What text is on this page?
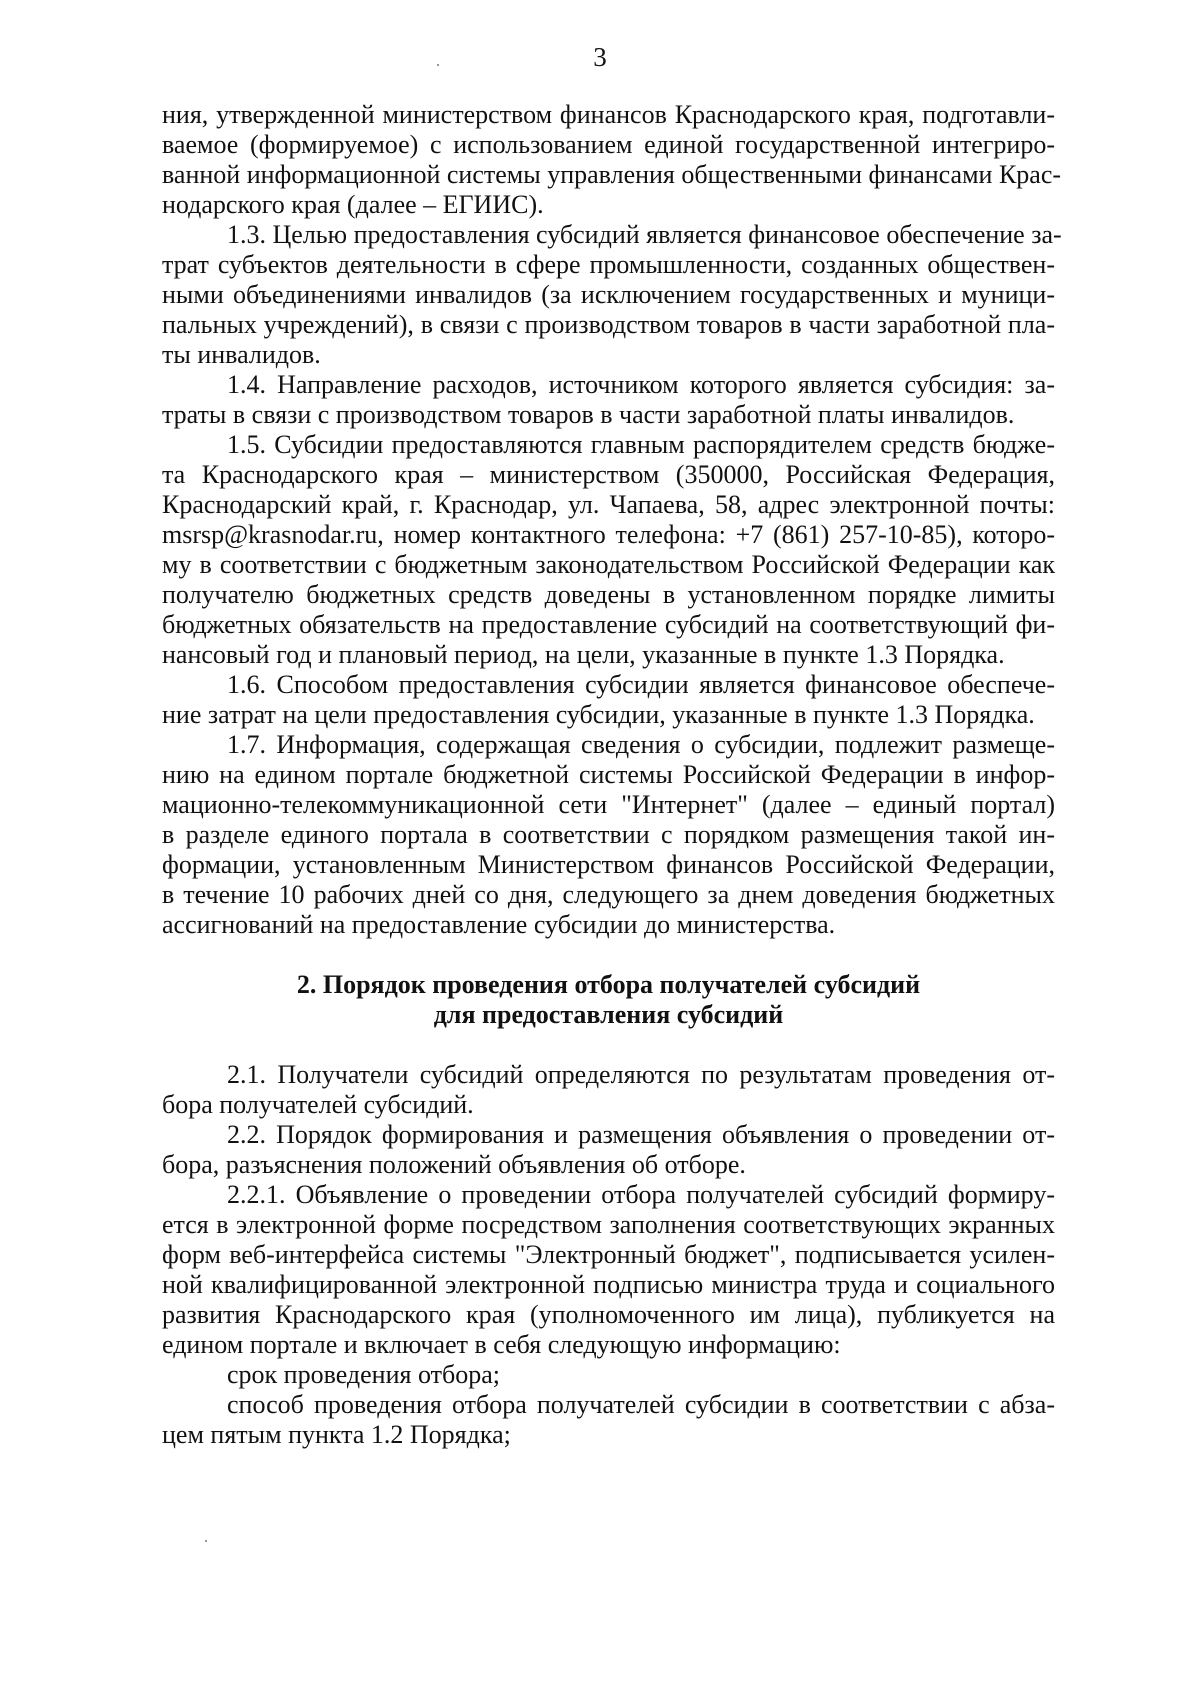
3
ния, утвержденной министерством финансов Краснодарского края, подготавли-
ваемое (формируемое) с использованием единой государственной интегриро-
ванной информационной системы управления общественными финансами Крас-
нодарского края (далее – ЕГИИС).
1.3. Целью предоставления субсидий является финансовое обеспечение за-
трат субъектов деятельности в сфере промышленности, созданных обществен-
ными объединениями инвалидов (за исключением государственных и муници-
пальных учреждений), в связи с производством товаров в части заработной пла-
ты инвалидов.
1.4. Направление расходов, источником которого является субсидия: за-
траты в связи с производством товаров в части заработной платы инвалидов.
1.5. Субсидии предоставляются главным распорядителем средств бюдже-
та Краснодарского края – министерством (350000, Российская Федерация,
Краснодарский край, г. Краснодар, ул. Чапаева, 58, адрес электронной почты:
msrsp@krasnodar.ru, номер контактного телефона: +7 (861) 257-10-85), которо-
му в соответствии с бюджетным законодательством Российской Федерации как
получателю бюджетных средств доведены в установленном порядке лимиты
бюджетных обязательств на предоставление субсидий на соответствующий фи-
нансовый год и плановый период, на цели, указанные в пункте 1.3 Порядка.
1.6. Способом предоставления субсидии является финансовое обеспече-
ние затрат на цели предоставления субсидии, указанные в пункте 1.3 Порядка.
1.7. Информация, содержащая сведения о субсидии, подлежит размеще-
нию на едином портале бюджетной системы Российской Федерации в инфор-
мационно-телекоммуникационной сети "Интернет" (далее – единый портал)
в разделе единого портала в соответствии с порядком размещения такой ин-
формации, установленным Министерством финансов Российской Федерации,
в течение 10 рабочих дней со дня, следующего за днем доведения бюджетных
ассигнований на предоставление субсидии до министерства.
2. Порядок проведения отбора получателей субсидий
для предоставления субсидий
2.1. Получатели субсидий определяются по результатам проведения от-
бора получателей субсидий.
2.2. Порядок формирования и размещения объявления о проведении от-
бора, разъяснения положений объявления об отборе.
2.2.1. Объявление о проведении отбора получателей субсидий формиру-
ется в электронной форме посредством заполнения соответствующих экранных
форм веб-интерфейса системы "Электронный бюджет", подписывается усилен-
ной квалифицированной электронной подписью министра труда и социального
развития Краснодарского края (уполномоченного им лица), публикуется на
едином портале и включает в себя следующую информацию:
срок проведения отбора;
способ проведения отбора получателей субсидии в соответствии с абза-
цем пятым пункта 1.2 Порядка;
